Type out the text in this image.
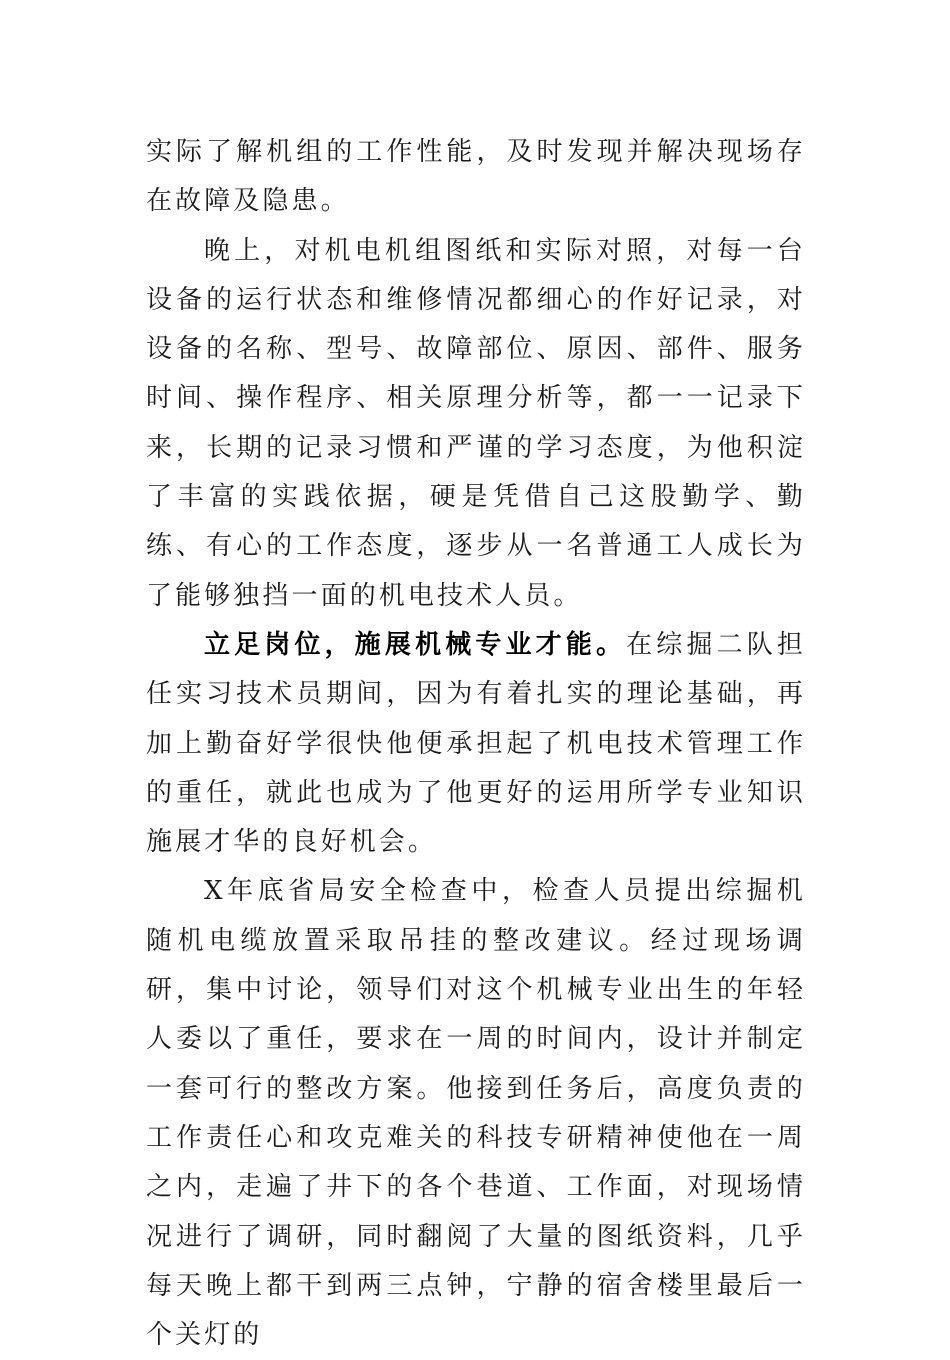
实际了解机组的工作性能，及时发现并解决现场存在故障及隐患。

晚上，对机电机组图纸和实际对照，对每一台设备的运行状态和维修情况都细心的作好记录，对设备的名称、型号、故障部位、原因、部件、服务时间、操作程序、相关原理分析等，都一一记录下来，长期的记录习惯和严谨的学习态度，为他积淀了丰富的实践依据，硬是凭借自己这股勤学、勤练、有心的工作态度，逐步从一名普通工人成长为了能够独挡一面的机电技术人员。

立足岗位，施展机械专业才能。在综掘二队担任实习技术员期间，因为有着扎实的理论基础，再加上勤奋好学很快他便承担起了机电技术管理工作的重任，就此也成为了他更好的运用所学专业知识施展才华的良好机会。

X年底省局安全检查中，检查人员提出综掘机随机电缆放置采取吊挂的整改建议。经过现场调研，集中讨论，领导们对这个机械专业出生的年轻人委以了重任，要求在一周的时间内，设计并制定一套可行的整改方案。他接到任务后，高度负责的工作责任心和攻克难关的科技专研精神使他在一周之内，走遍了井下的各个巷道、工作面，对现场情况进行了调研，同时翻阅了大量的图纸资料，几乎每天晚上都干到两三点钟，宁静的宿舍楼里最后一个关灯的
